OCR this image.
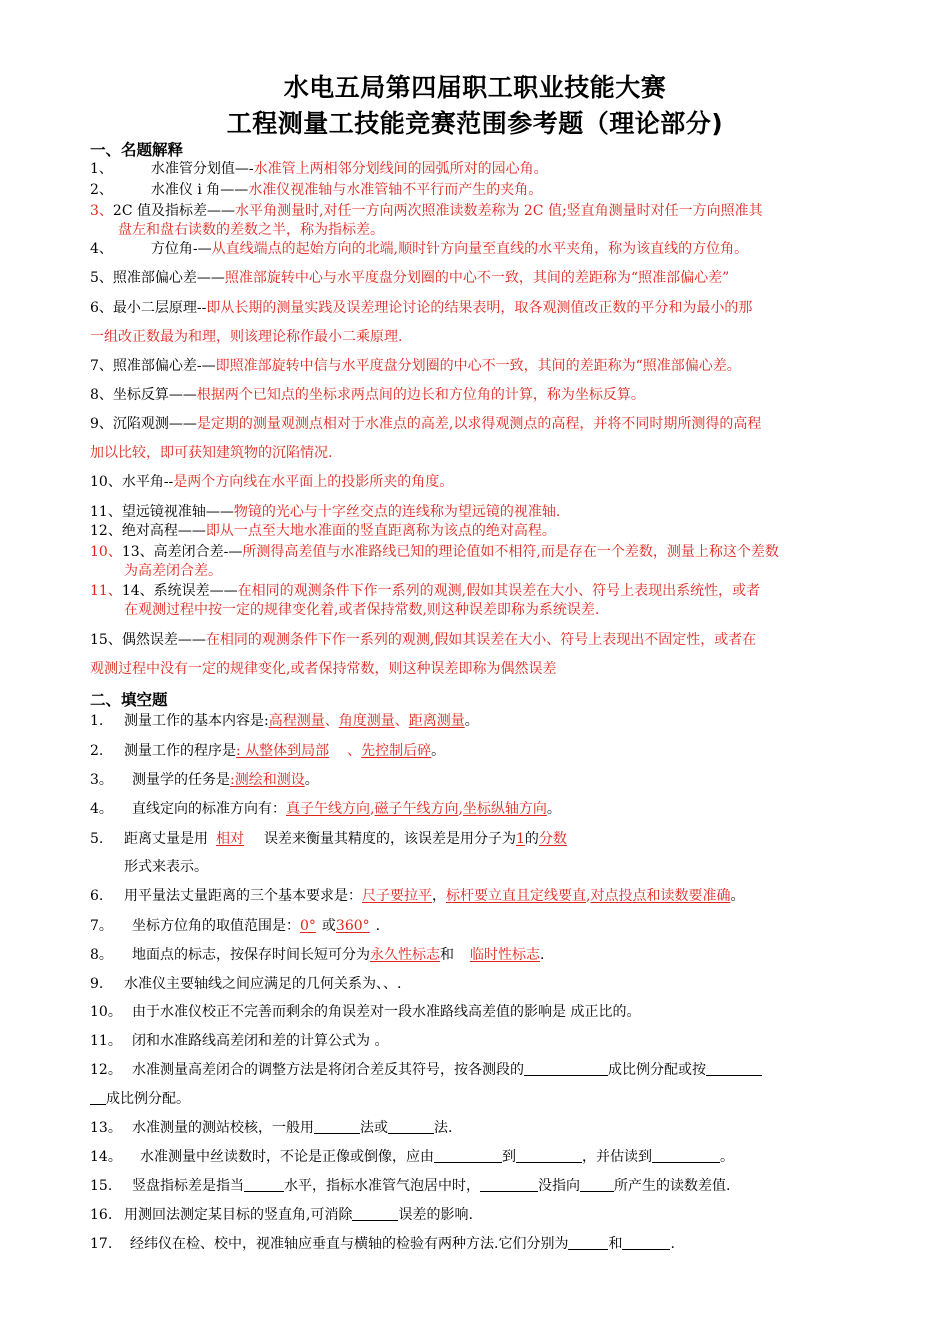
水电五局第四届职工职业技能大赛
工程测量工技能竞赛范围参考题（理论部分)
一、名题解释
1、	水准管分划值—-水准管上两相邻分划线间的园弧所对的园心角。
2、	水准仪 i 角——水准仪视准轴与水准管轴不平行而产生的夹角。
3、2C 值及指标差——水平角测量时,对任一方向两次照准读数差称为 2C 值;竖直角测量时对任一方向照准其
盘左和盘右读数的差数之半，称为指标差。
4、	方位角-—从直线端点的起始方向的北端,顺时针方向量至直线的水平夹角，称为该直线的方位角。
5、照准部偏心差——照准部旋转中心与水平度盘分划圈的中心不一致，其间的差距称为“照准部偏心差”
6、最小二层原理--即从长期的测量实践及误差理论讨论的结果表明，取各观测值改正数的平分和为最小的那
一组改正数最为和理，则该理论称作最小二乘原理.
7、照准部偏心差-—即照准部旋转中信与水平度盘分划圈的中心不一致，其间的差距称为“照准部偏心差。
8、坐标反算——根据两个已知点的坐标求两点间的边长和方位角的计算，称为坐标反算。
9、沉陷观测——是定期的测量观测点相对于水准点的高差,以求得观测点的高程，并将不同时期所测得的高程
加以比较，即可获知建筑物的沉陷情况.
10、水平角--是两个方向线在水平面上的投影所夹的角度。
11、望远镜视准轴——物镜的光心与十字丝交点的连线称为望远镜的视准轴.
12、绝对高程——即从一点至大地水准面的竖直距离称为该点的绝对高程。
10、13、高差闭合差-—所测得高差值与水准路线已知的理论值如不相符,而是存在一个差数，测量上称这个差数
为高差闭合差。
11、14、系统误差——在相同的观测条件下作一系列的观测,假如其误差在大小、符号上表现出系统性，或者
在观测过程中按一定的规律变化着,或者保持常数,则这种误差即称为系统误差.
15、偶然误差——在相同的观测条件下作一系列的观测,假如其误差在大小、符号上表现出不固定性，或者在
观测过程中没有一定的规律变化,或者保持常数，则这种误差即称为偶然误差
二、填空题
1. 测量工作的基本内容是:高程测量、角度测量、距离测量。
2. 测量工作的程序是: 从整体到局部 、先控制后碎。
3。 测量学的任务是:测绘和测设。
4。 直线定向的标准方向有：真子午线方向,磁子午线方向,坐标纵轴方向。
5. 距离丈量是用 相对 误差来衡量其精度的，该误差是用分子为1的分数
形式来表示。
6. 用平量法丈量距离的三个基本要求是：尺子要拉平，标杆要立直且定线要直,对点投点和读数要准确。
7。 坐标方位角的取值范围是：0° 或360° .
8。 地面点的标志，按保存时间长短可分为永久性标志和 临时性标志.
9. 水准仪主要轴线之间应满足的几何关系为、、.
10。 由于水准仪校正不完善而剩余的角误差对一段水准路线高差值的影响是 成正比的。
11。 闭和水准路线高差闭和差的计算公式为 。
12。 水准测量高差闭合的调整方法是将闭合差反其符号，按各测段的	成比例分配或按
成比例分配。
13。 水准测量的测站校核，一般用	法或	法.
14。 水准测量中丝读数时，不论是正像或倒像，应由	到	，并估读到	。
15. 竖盘指标差是指当	水平，指标水准管气泡居中时，	没指向 所产生的读数差值.
16. 用测回法测定某目标的竖直角,可消除	误差的影响.
17. 经纬仪在检、校中，视准轴应垂直与横轴的检验有两种方法.它们分别为	和	.
